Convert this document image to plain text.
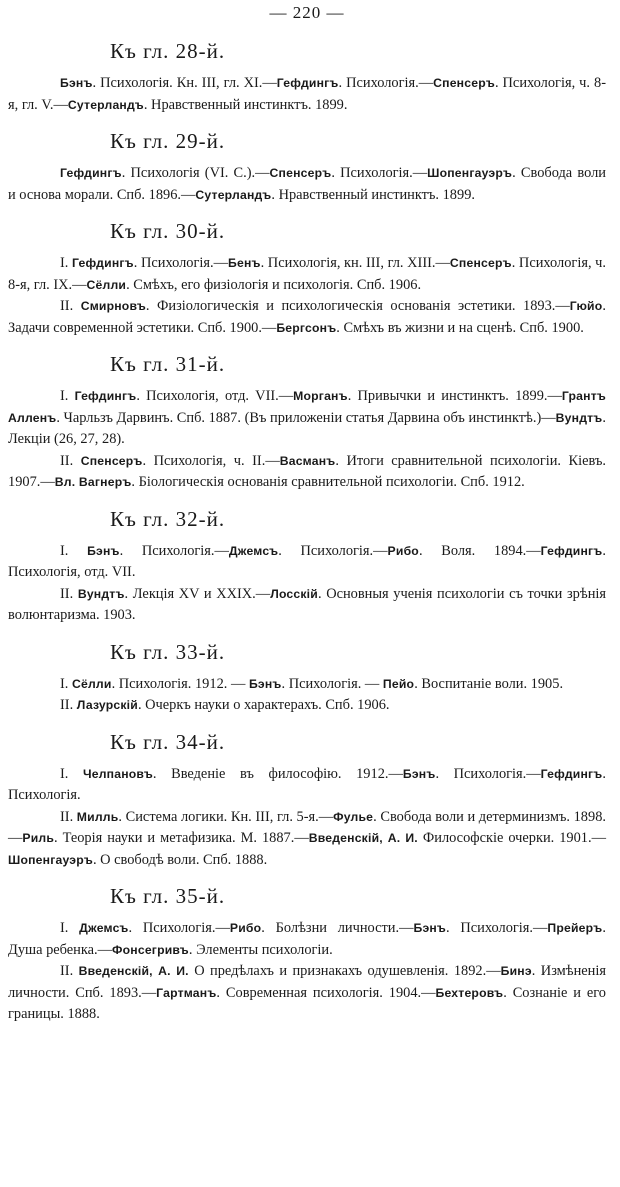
— 220 —
Къ гл. 28-й.

Бэнъ. Психологія. Кн. III, гл. XI.—Гефдингъ. Психологія.—Спенсеръ. Психологія, ч. 8-я, гл. V.—Сутерландъ. Нравственный инстинктъ. 1899.

Къ гл. 29-й.

Гефдингъ. Психологія (VI. С.).—Спенсеръ. Психологія.—Шопенгауэръ. Свобода воли и основа морали. Спб. 1896.—Сутерландъ. Нравственный инстинктъ. 1899.

Къ гл. 30-й.

I. Гефдингъ. Психологія.—Бенъ. Психологія, кн. III, гл. XIII.—Спенсеръ. Психологія, ч. 8-я, гл. IX.—Сёлли. Смѣхъ, его физіологія и психологія. Спб. 1906.

II. Смирновъ. Физіологическія и психологическія основанія эстетики. 1893.—Гюйо. Задачи современной эстетики. Спб. 1900.—Бергсонъ. Смѣхъ въ жизни и на сценѣ. Спб. 1900.

Къ гл. 31-й.

I. Гефдингъ. Психологія, отд. VII.—Морганъ. Привычки и инстинктъ. 1899.—Грантъ Алленъ. Чарльзъ Дарвинъ. Спб. 1887. (Въ приложеніи статья Дарвина объ инстинктѣ.)—Вундтъ. Лекціи (26, 27, 28).

II. Спенсеръ. Психологія, ч. II.—Васманъ. Итоги сравнительной психологіи. Кіевъ. 1907.—Вл. Вагнеръ. Біологическія основанія сравнительной психологіи. Спб. 1912.

Къ гл. 32-й.

I. Бэнъ. Психологія.—Джемсъ. Психологія.—Рибо. Воля. 1894.—Гефдингъ. Психологія, отд. VII.

II. Вундтъ. Лекція XV и XXIX.—Лосскій. Основныя ученія психологіи съ точки зрѣнія волюнтаризма. 1903.

Къ гл. 33-й.

I. Сёлли. Психологія. 1912. — Бэнъ. Психологія. — Пейо. Воспитаніе воли. 1905.

II. Лазурскій. Очеркъ науки о характерахъ. Спб. 1906.

Къ гл. 34-й.

I. Челпановъ. Введеніе въ философію. 1912.—Бэнъ. Психологія.—Гефдингъ. Психологія.

II. Милль. Система логики. Кн. III, гл. 5-я.—Фулье. Свобода воли и детерминизмъ. 1898.—Риль. Теорія науки и метафизика. М. 1887.—Введенскій, А. И. Философскіе очерки. 1901.—Шопенгауэръ. О свободѣ воли. Спб. 1888.

Къ гл. 35-й.

I. Джемсъ. Психологія.—Рибо. Болѣзни личности.—Бэнъ. Психологія.—Прейеръ. Душа ребенка.—Фонсегривъ. Элементы психологіи.

II. Введенскій, А. И. О предѣлахъ и признакахъ одушевленія. 1892.—Бинэ. Измѣненія личности. Спб. 1893.—Гартманъ. Современная психологія. 1904.—Бехтеровъ. Сознаніе и его границы. 1888.
